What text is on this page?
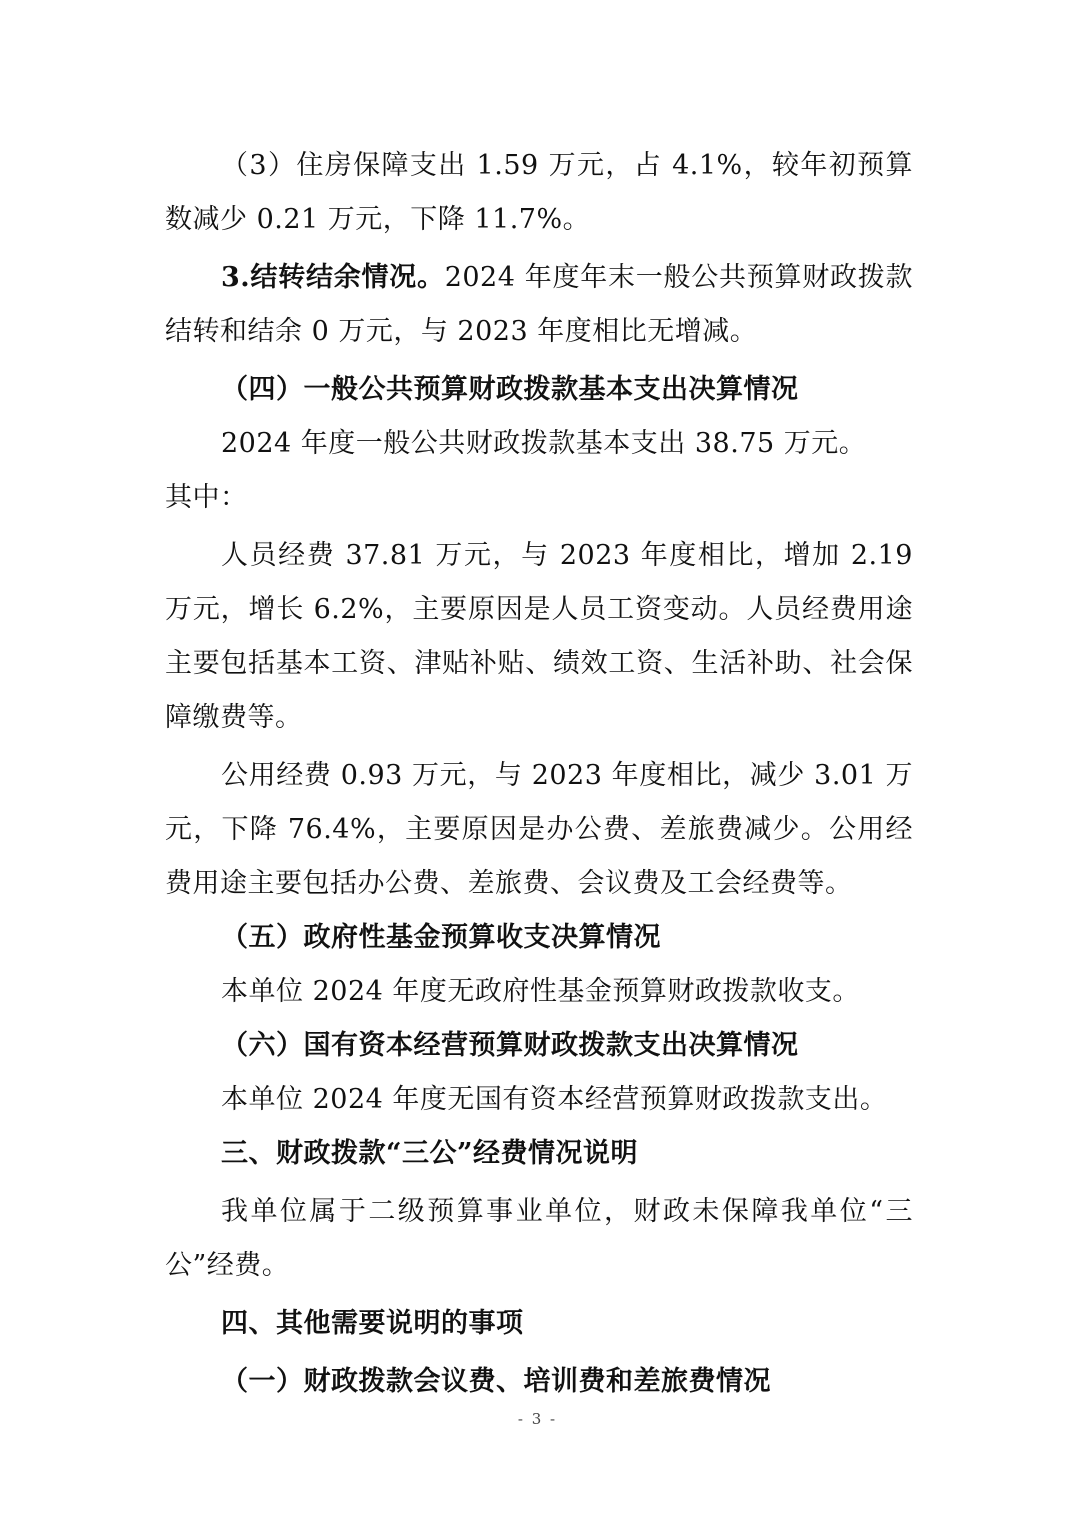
（3）住房保障支出 1.59 万元，占 4.1%，较年初预算数减少 0.21 万元，下降 11.7%。

3.结转结余情况。2024 年度年末一般公共预算财政拨款结转和结余 0 万元，与 2023 年度相比无增减。

（四）一般公共预算财政拨款基本支出决算情况

2024 年度一般公共财政拨款基本支出 38.75 万元。

其中：

人员经费 37.81 万元，与 2023 年度相比，增加 2.19 万元，增长 6.2%，主要原因是人员工资变动。人员经费用途主要包括基本工资、津贴补贴、绩效工资、生活补助、社会保障缴费等。

公用经费 0.93 万元，与 2023 年度相比，减少 3.01 万元，下降 76.4%，主要原因是办公费、差旅费减少。公用经费用途主要包括办公费、差旅费、会议费及工会经费等。

（五）政府性基金预算收支决算情况

本单位 2024 年度无政府性基金预算财政拨款收支。

（六）国有资本经营预算财政拨款支出决算情况

本单位 2024 年度无国有资本经营预算财政拨款支出。

三、财政拨款“三公”经费情况说明

我单位属于二级预算事业单位，财政未保障我单位“三公”经费。

四、其他需要说明的事项

（一）财政拨款会议费、培训费和差旅费情况

- 3 -
